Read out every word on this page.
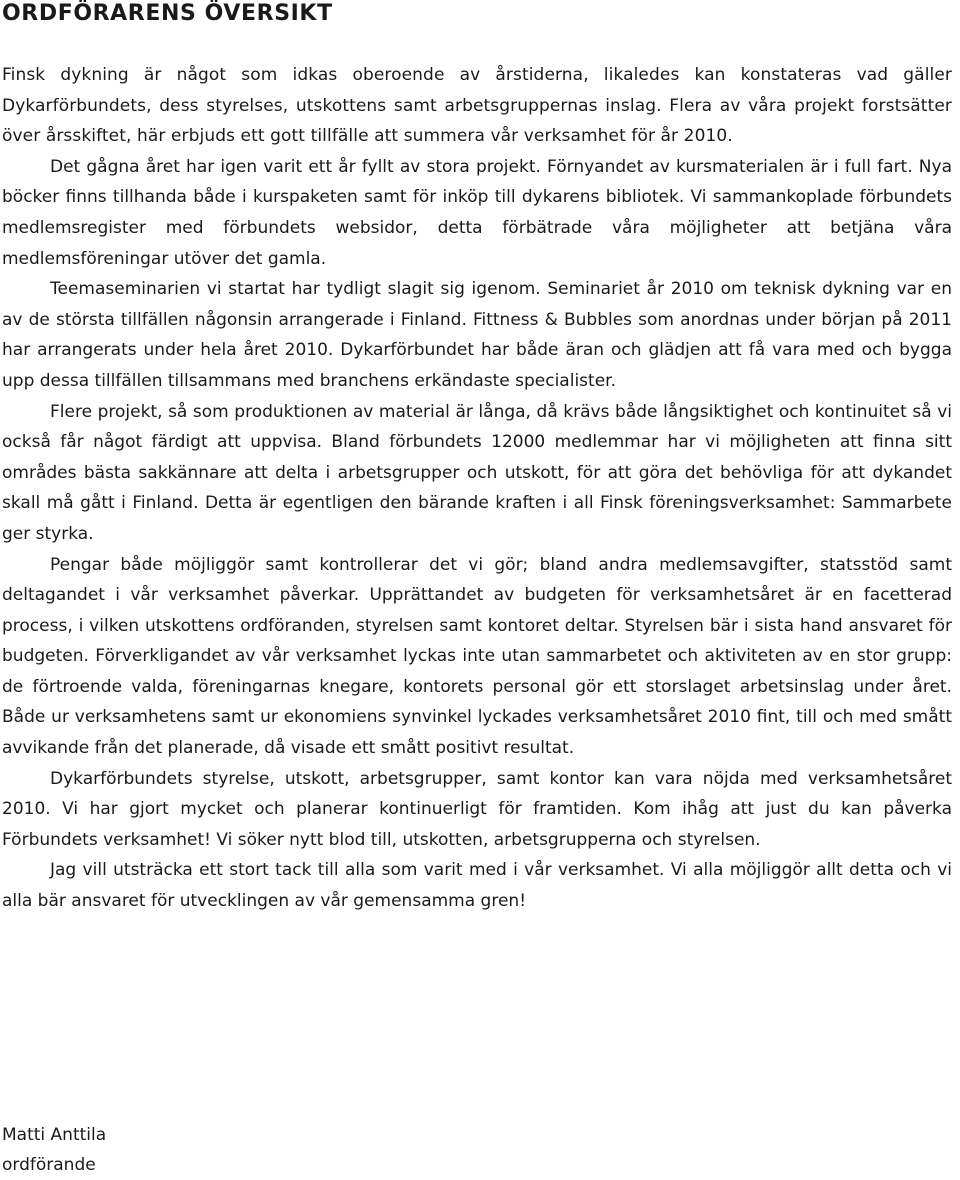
ORDFÖRARENS ÖVERSIKT

Finsk dykning är något som idkas oberoende av årstiderna, likaledes kan konstateras vad gäller Dykarförbundets, dess styrelses, utskottens samt arbetsgruppernas inslag. Flera av våra projekt forstsätter över årsskiftet, här erbjuds ett gott tillfälle att summera vår verksamhet för år 2010.

Det gågna året har igen varit ett år fyllt av stora projekt. Förnyandet av kursmaterialen är i full fart. Nya böcker finns tillhanda både i kurspaketen samt för inköp till dykarens bibliotek. Vi sammankoplade förbundets medlemsregister med förbundets websidor, detta förbätrade våra möjligheter att betjäna våra medlemsföreningar utöver det gamla.

Teemaseminarien vi startat har tydligt slagit sig igenom. Seminariet år 2010 om teknisk dykning var en av de största tillfällen någonsin arrangerade i Finland. Fittness & Bubbles som anordnas under början på 2011 har arrangerats under hela året 2010. Dykarförbundet har både äran och glädjen att få vara med och bygga upp dessa tillfällen tillsammans med branchens erkändaste specialister.

Flere projekt, så som produktionen av material är långa, då krävs både långsiktighet och kontinuitet så vi också får något färdigt att uppvisa. Bland förbundets 12000 medlemmar har vi möjligheten att finna sitt områdes bästa sakkännare att delta i arbetsgrupper och utskott, för att göra det behövliga för att dykandet skall må gått i Finland. Detta är egentligen den bärande kraften i all Finsk föreningsverksamhet: Sammarbete ger styrka.

Pengar både möjliggör samt kontrollerar det vi gör; bland andra medlemsavgifter, statsstöd samt deltagandet i vår verksamhet påverkar. Upprättandet av budgeten för verksamhetsåret är en facetterad process, i vilken utskottens ordföranden, styrelsen samt kontoret deltar. Styrelsen bär i sista hand ansvaret för budgeten. Förverkligandet av vår verksamhet lyckas inte utan sammarbetet och aktiviteten av en stor grupp: de förtroende valda, föreningarnas knegare, kontorets personal gör ett storslaget arbetsinslag under året. Både ur verksamhetens samt ur ekonomiens synvinkel lyckades verksamhetsåret 2010 fint, till och med smått avvikande från det planerade, då visade ett smått positivt resultat.

Dykarförbundets styrelse, utskott, arbetsgrupper, samt kontor kan vara nöjda med verksamhetsåret 2010. Vi har gjort mycket och planerar kontinuerligt för framtiden. Kom ihåg att just du kan påverka Förbundets verksamhet! Vi söker nytt blod till, utskotten, arbetsgrupperna och styrelsen.

Jag vill utsträcka ett stort tack till alla som varit med i vår verksamhet. Vi alla möjliggör allt detta och vi alla bär ansvaret för utvecklingen av vår gemensamma gren!

Matti Anttila
ordförande
